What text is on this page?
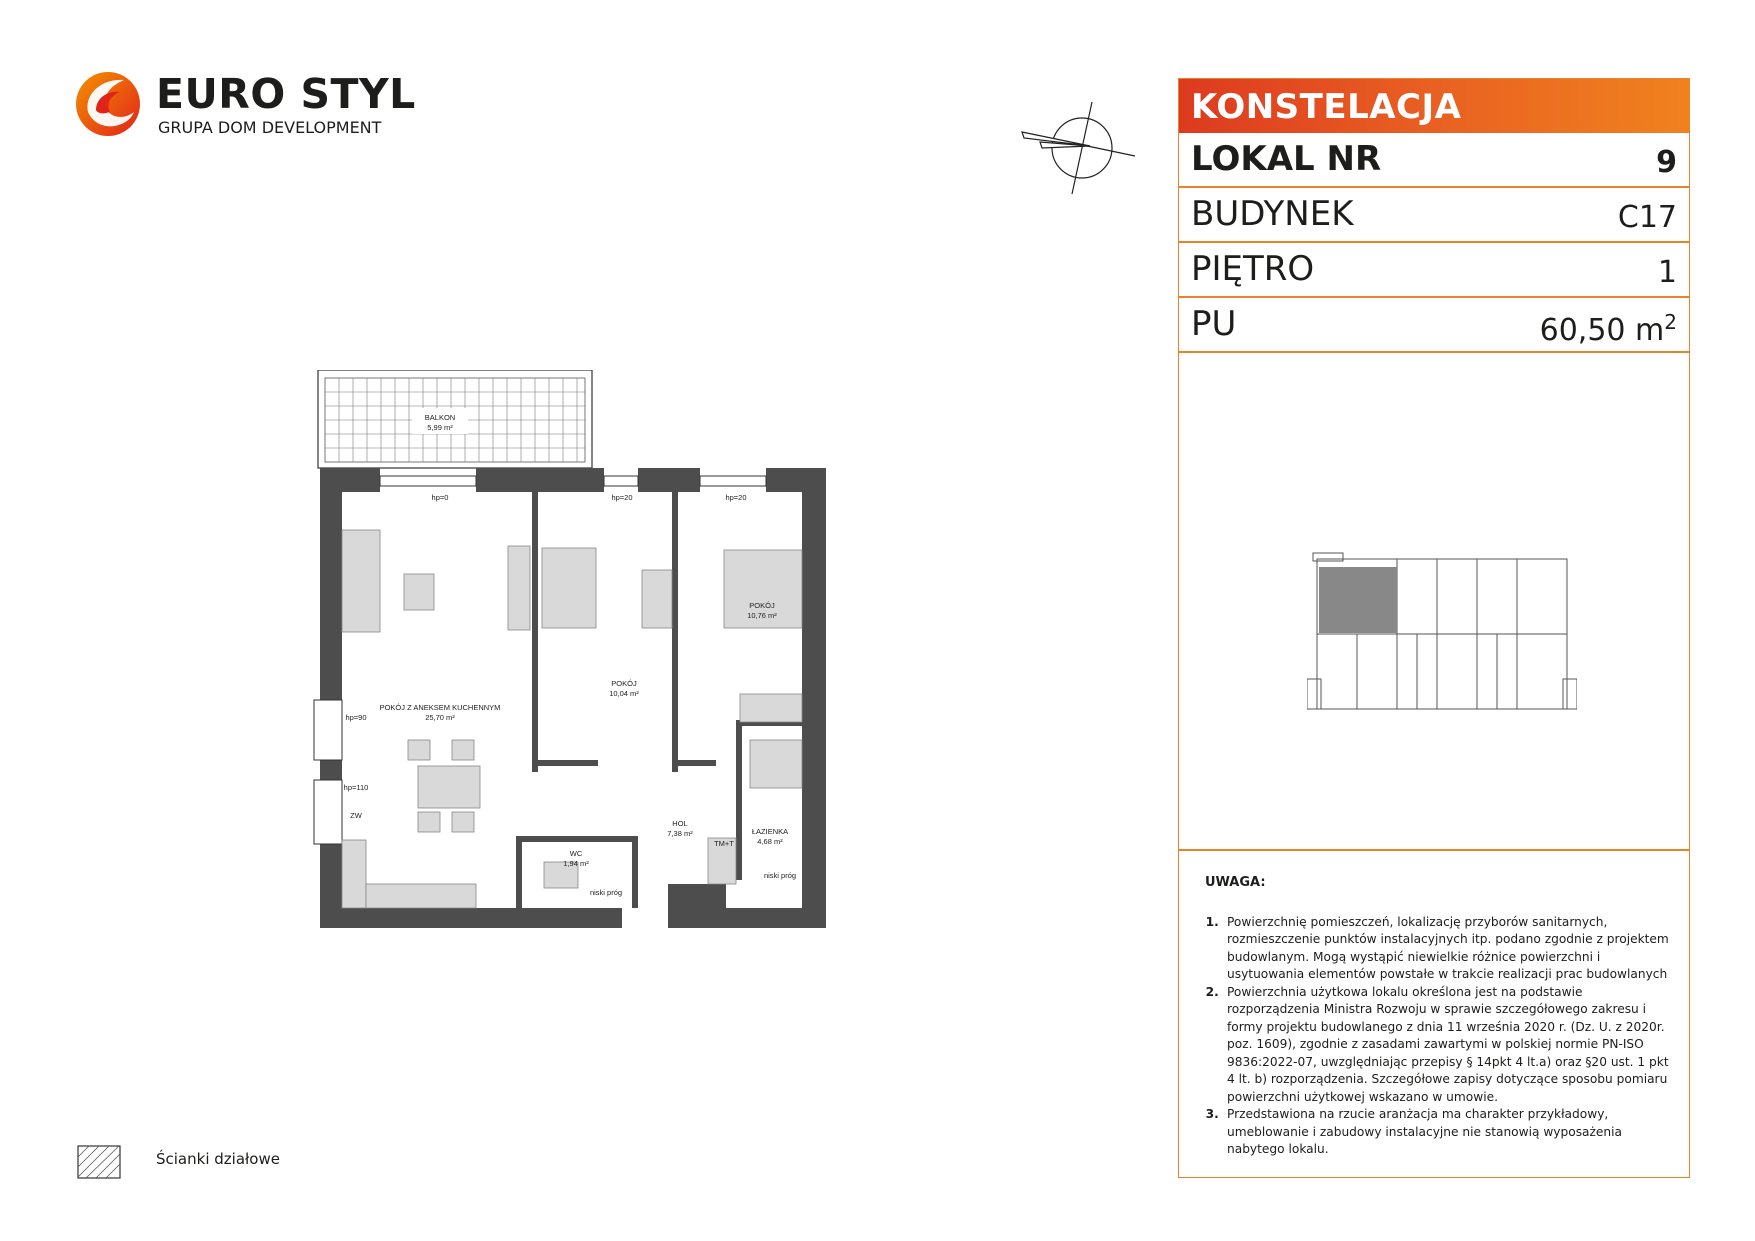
EURO STYL
GRUPA DOM DEVELOPMENT
BALKON
5,99 m²
POKÓJ Z ANEKSEM KUCHENNYM
25,70 m²
POKÓJ
10,04 m²
POKÓJ
10,76 m²
HOL
7,38 m²	ŁAZIENKA
4,68 m²
WC
1,94 m²
hp=0	hp=20	hp=20
hp=90
hp=110
ZW
niski próg
niski próg
TM+T
KONSTELACJA
LOKAL NR	9
BUDYNEK	C17
PIĘTRO	1
PU	60,50 $m^2$
UWAGA:
1. Powierzchnię pomieszczeń, lokalizację przyborów sanitarnych, rozmieszczenie punktów instalacyjnych itp. podano zgodnie z projektem budowlanym. Mogą wystąpić niewielkie różnice powierzchni i usytuowania elementów powstałe w trakcie realizacji prac budowlanych
2. Powierzchnia użytkowa lokalu określona jest na podstawie rozporządzenia Ministra Rozwoju w sprawie szczegółowego zakresu i formy projektu budowlanego z dnia 11 września 2020 r. (Dz. U. z 2020r. poz. 1609), zgodnie z zasadami zawartymi w polskiej normie PN-ISO 9836:2022-07, uwzględniając przepisy § 14pkt 4 lt.a) oraz §20 ust. 1 pkt 4 lt. b) rozporządzenia. Szczegółowe zapisy dotyczące sposobu pomiaru powierzchni użytkowej wskazano w umowie.
3. Przedstawiona na rzucie aranżacja ma charakter przykładowy, umeblowanie i zabudowy instalacyjne nie stanowią wyposażenia nabytego lokalu.
Ścianki działowe
